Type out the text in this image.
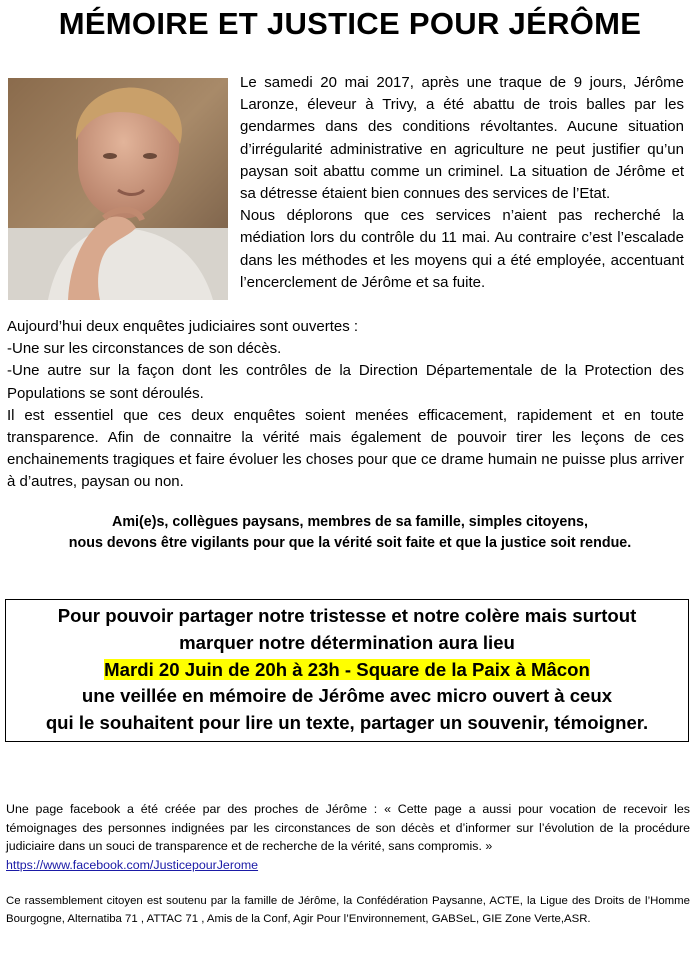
MÉMOIRE ET JUSTICE POUR JÉRÔME

Le samedi 20 mai 2017, après une traque de 9 jours, Jérôme Laronze, éleveur à Trivy, a été abattu de trois balles par les gendarmes dans des conditions révoltantes. Aucune situation d’irrégularité administrative en agriculture ne peut justifier qu’un paysan soit abattu comme un criminel. La situation de Jérôme et sa détresse étaient bien connues des services de l’Etat.

Nous déplorons que ces services n’aient pas recherché la médiation lors du contrôle du 11 mai. Au contraire c’est l’escalade dans les méthodes et les moyens qui a été employée, accentuant l’encerclement de Jérôme et sa fuite.

Aujourd’hui deux enquêtes judiciaires sont ouvertes :

-Une sur les circonstances de son décès.

-Une autre sur la façon dont les contrôles de la Direction Départementale de la Protection des Populations se sont déroulés.

Il est essentiel que ces deux enquêtes soient menées efficacement, rapidement et en toute transparence. Afin de connaitre la vérité mais également de pouvoir tirer les leçons de ces enchainements tragiques et faire évoluer les choses pour que ce drame humain ne puisse plus arriver à d’autres, paysan ou non.

Ami(e)s, collègues paysans, membres de sa famille, simples citoyens,
nous devons être vigilants pour que la vérité soit faite et que la justice soit rendue.
Pour pouvoir partager notre tristesse et notre colère mais surtout
marquer notre détermination aura lieu
Mardi 20 Juin de 20h à 23h - Square de la Paix à Mâcon
une veillée en mémoire de Jérôme avec micro ouvert à ceux
qui le souhaitent pour lire un texte, partager un souvenir, témoigner.
Une page facebook a été créée par des proches de Jérôme : « Cette page a aussi pour vocation de recevoir les témoignages des personnes indignées par les circonstances de son décès et d’informer sur l’évolution de la procédure judiciaire dans un souci de transparence et de recherche de la vérité, sans compromis. »
https://www.facebook.com/JusticepourJerome
Ce rassemblement citoyen est soutenu par la famille de Jérôme, la Confédération Paysanne, ACTE, la Ligue des Droits de l’Homme Bourgogne, Alternatiba 71 , ATTAC 71 , Amis de la Conf, Agir Pour l’Environnement, GABSeL, GIE Zone Verte,ASR.
